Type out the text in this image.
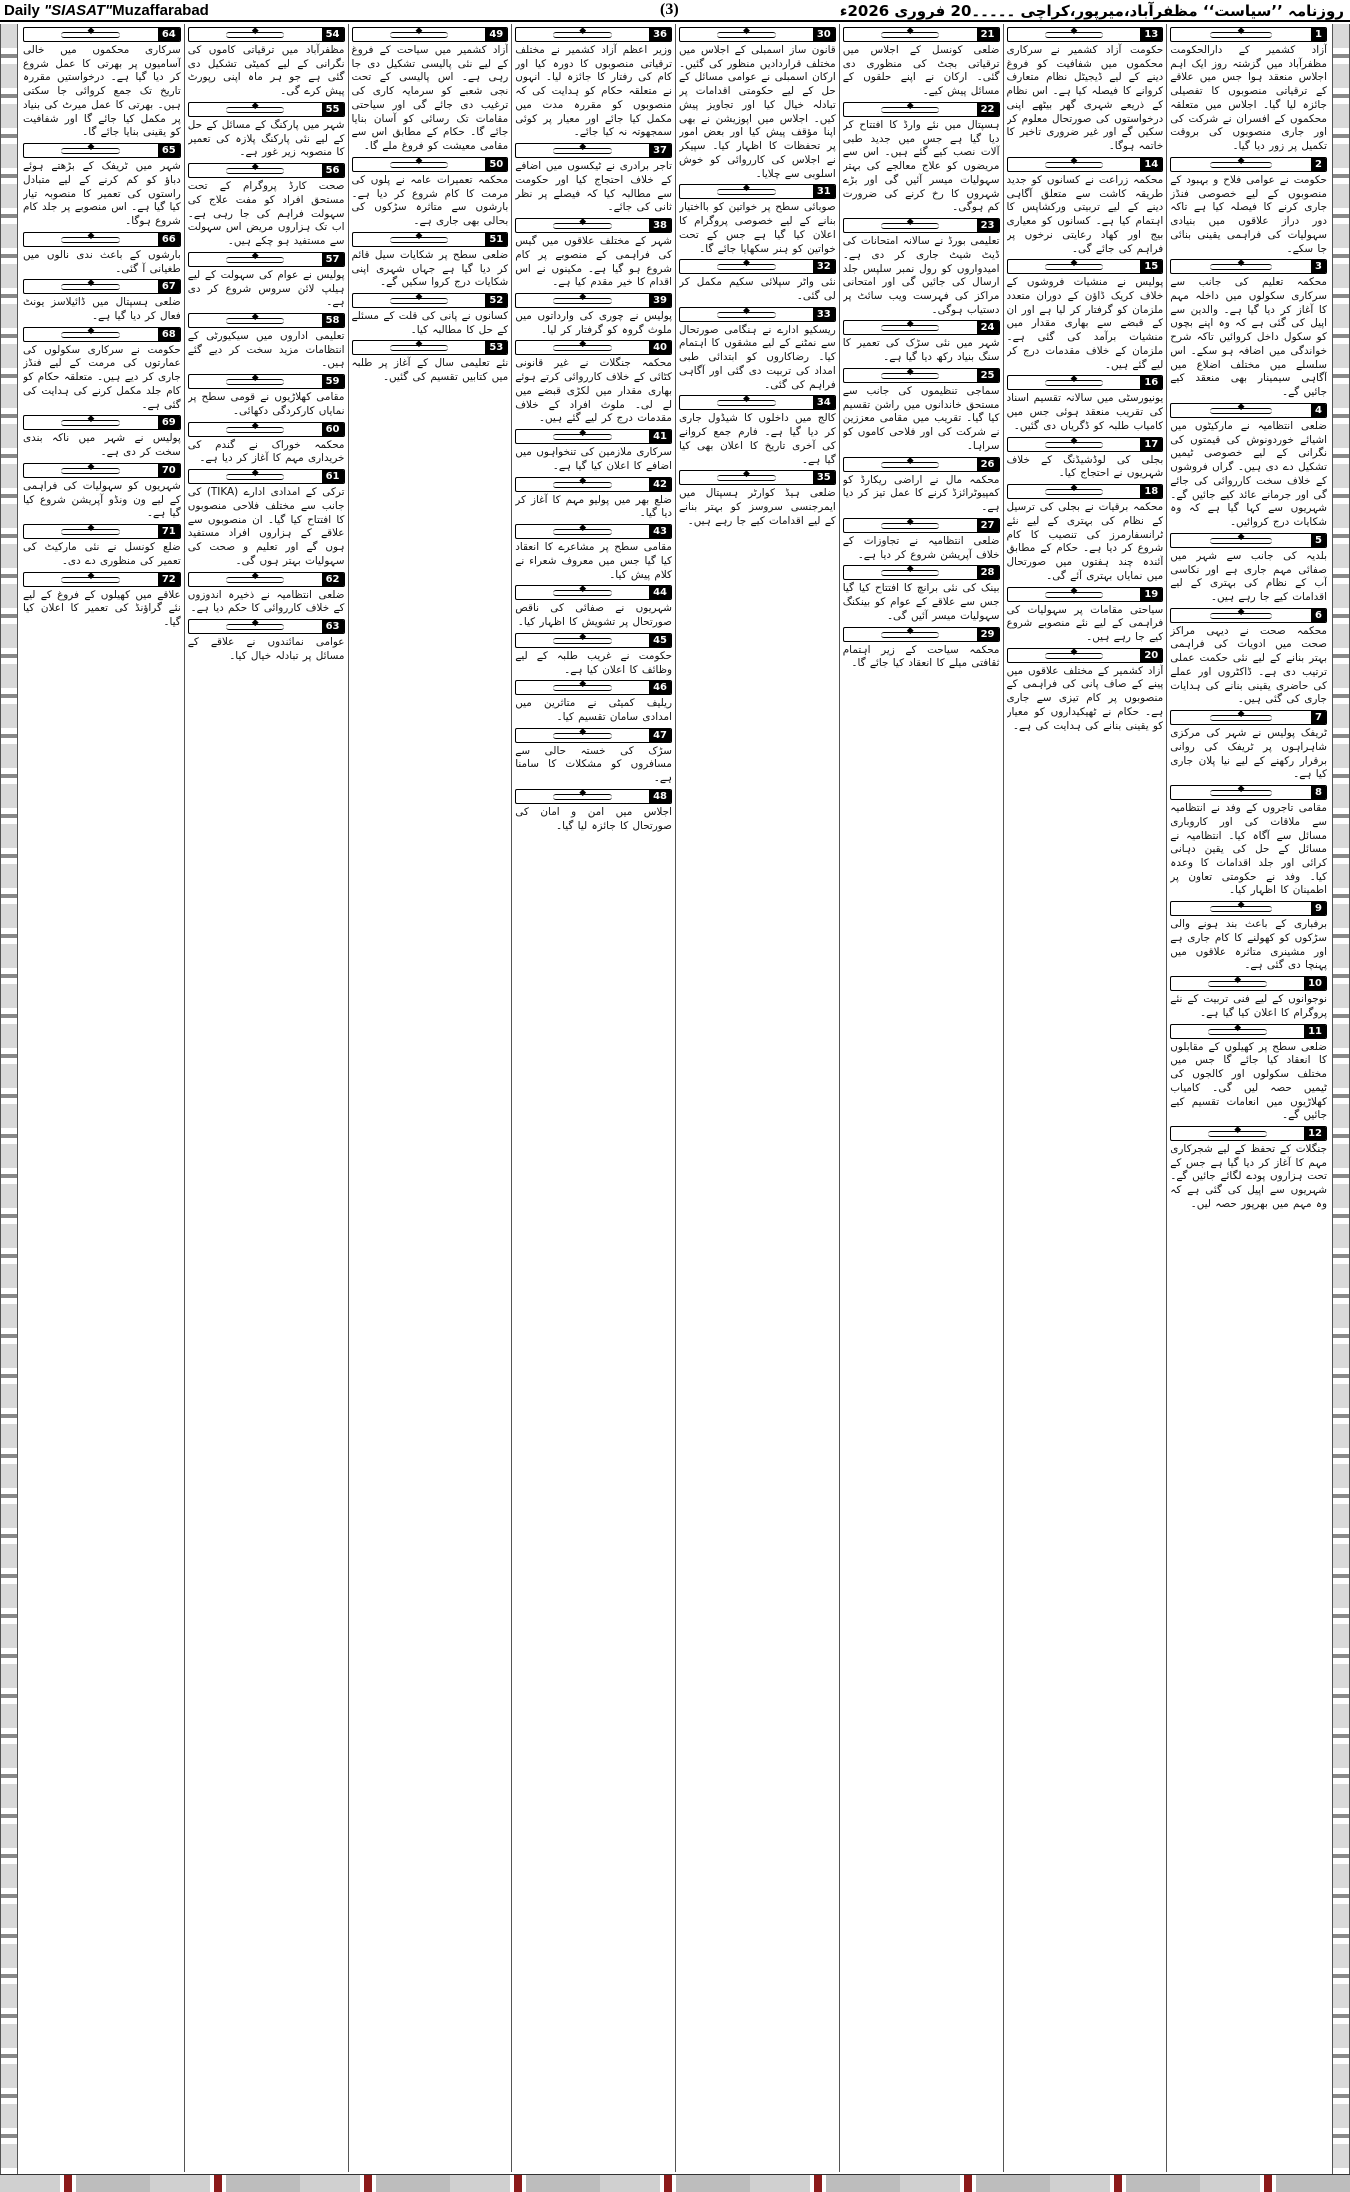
Daily "SIASAT"Muzaffarabad	(3)	روزنامہ ’’سیاست‘‘ مظفرآباد،میرپور،کراچی ۔۔۔۔۔20 فروری 2026ء
◆
1
آزاد کشمیر کے دارالحکومت مظفرآباد میں گزشتہ روز ایک اہم اجلاس منعقد ہوا جس میں علاقے کے ترقیاتی منصوبوں کا تفصیلی جائزہ لیا گیا۔ اجلاس میں متعلقہ محکموں کے افسران نے شرکت کی اور جاری منصوبوں کی بروقت تکمیل پر زور دیا گیا۔
◆
2
حکومت نے عوامی فلاح و بہبود کے منصوبوں کے لیے خصوصی فنڈز جاری کرنے کا فیصلہ کیا ہے تاکہ دور دراز علاقوں میں بنیادی سہولیات کی فراہمی یقینی بنائی جا سکے۔
◆
3
محکمہ تعلیم کی جانب سے سرکاری سکولوں میں داخلہ مہم کا آغاز کر دیا گیا ہے۔ والدین سے اپیل کی گئی ہے کہ وہ اپنے بچوں کو سکول داخل کروائیں تاکہ شرح خواندگی میں اضافہ ہو سکے۔ اس سلسلے میں مختلف اضلاع میں آگاہی سیمینار بھی منعقد کیے جائیں گے۔
◆
4
ضلعی انتظامیہ نے مارکیٹوں میں اشیائے خوردونوش کی قیمتوں کی نگرانی کے لیے خصوصی ٹیمیں تشکیل دے دی ہیں۔ گراں فروشوں کے خلاف سخت کارروائی کی جائے گی اور جرمانے عائد کیے جائیں گے۔ شہریوں سے کہا گیا ہے کہ وہ شکایات درج کروائیں۔
◆
5
بلدیہ کی جانب سے شہر میں صفائی مہم جاری ہے اور نکاسی آب کے نظام کی بہتری کے لیے اقدامات کیے جا رہے ہیں۔
◆
6
محکمہ صحت نے دیہی مراکز صحت میں ادویات کی فراہمی بہتر بنانے کے لیے نئی حکمت عملی ترتیب دی ہے۔ ڈاکٹروں اور عملے کی حاضری یقینی بنانے کی ہدایات جاری کی گئی ہیں۔
◆
7
ٹریفک پولیس نے شہر کی مرکزی شاہراہوں پر ٹریفک کی روانی برقرار رکھنے کے لیے نیا پلان جاری کیا ہے۔
◆
8
مقامی تاجروں کے وفد نے انتظامیہ سے ملاقات کی اور کاروباری مسائل سے آگاہ کیا۔ انتظامیہ نے مسائل کے حل کی یقین دہانی کرائی اور جلد اقدامات کا وعدہ کیا۔ وفد نے حکومتی تعاون پر اطمینان کا اظہار کیا۔
◆
9
برفباری کے باعث بند ہونے والی سڑکوں کو کھولنے کا کام جاری ہے اور مشینری متاثرہ علاقوں میں پہنچا دی گئی ہے۔
◆
10
نوجوانوں کے لیے فنی تربیت کے نئے پروگرام کا اعلان کیا گیا ہے۔
◆
11
ضلعی سطح پر کھیلوں کے مقابلوں کا انعقاد کیا جائے گا جس میں مختلف سکولوں اور کالجوں کی ٹیمیں حصہ لیں گی۔ کامیاب کھلاڑیوں میں انعامات تقسیم کیے جائیں گے۔
◆
12
جنگلات کے تحفظ کے لیے شجرکاری مہم کا آغاز کر دیا گیا ہے جس کے تحت ہزاروں پودے لگائے جائیں گے۔ شہریوں سے اپیل کی گئی ہے کہ وہ مہم میں بھرپور حصہ لیں۔
◆
13
حکومت آزاد کشمیر نے سرکاری محکموں میں شفافیت کو فروغ دینے کے لیے ڈیجیٹل نظام متعارف کروانے کا فیصلہ کیا ہے۔ اس نظام کے ذریعے شہری گھر بیٹھے اپنی درخواستوں کی صورتحال معلوم کر سکیں گے اور غیر ضروری تاخیر کا خاتمہ ہوگا۔
◆
14
محکمہ زراعت نے کسانوں کو جدید طریقہ کاشت سے متعلق آگاہی دینے کے لیے تربیتی ورکشاپس کا اہتمام کیا ہے۔ کسانوں کو معیاری بیج اور کھاد رعایتی نرخوں پر فراہم کی جائے گی۔
◆
15
پولیس نے منشیات فروشوں کے خلاف کریک ڈاؤن کے دوران متعدد ملزمان کو گرفتار کر لیا ہے اور ان کے قبضے سے بھاری مقدار میں منشیات برآمد کی گئی ہے۔ ملزمان کے خلاف مقدمات درج کر لیے گئے ہیں۔
◆
16
یونیورسٹی میں سالانہ تقسیم اسناد کی تقریب منعقد ہوئی جس میں کامیاب طلبہ کو ڈگریاں دی گئیں۔
◆
17
بجلی کی لوڈشیڈنگ کے خلاف شہریوں نے احتجاج کیا۔
◆
18
محکمہ برقیات نے بجلی کی ترسیل کے نظام کی بہتری کے لیے نئے ٹرانسفارمرز کی تنصیب کا کام شروع کر دیا ہے۔ حکام کے مطابق آئندہ چند ہفتوں میں صورتحال میں نمایاں بہتری آئے گی۔
◆
19
سیاحتی مقامات پر سہولیات کی فراہمی کے لیے نئے منصوبے شروع کیے جا رہے ہیں۔
◆
20
آزاد کشمیر کے مختلف علاقوں میں پینے کے صاف پانی کی فراہمی کے منصوبوں پر کام تیزی سے جاری ہے۔ حکام نے ٹھیکیداروں کو معیار کو یقینی بنانے کی ہدایت کی ہے۔
◆
21
ضلعی کونسل کے اجلاس میں ترقیاتی بجٹ کی منظوری دی گئی۔ ارکان نے اپنے حلقوں کے مسائل پیش کیے۔
◆
22
ہسپتال میں نئے وارڈ کا افتتاح کر دیا گیا ہے جس میں جدید طبی آلات نصب کیے گئے ہیں۔ اس سے مریضوں کو علاج معالجے کی بہتر سہولیات میسر آئیں گی اور بڑے شہروں کا رخ کرنے کی ضرورت کم ہوگی۔
◆
23
تعلیمی بورڈ نے سالانہ امتحانات کی ڈیٹ شیٹ جاری کر دی ہے۔ امیدواروں کو رول نمبر سلپس جلد ارسال کی جائیں گی اور امتحانی مراکز کی فہرست ویب سائٹ پر دستیاب ہوگی۔
◆
24
شہر میں نئی سڑک کی تعمیر کا سنگ بنیاد رکھ دیا گیا ہے۔
◆
25
سماجی تنظیموں کی جانب سے مستحق خاندانوں میں راشن تقسیم کیا گیا۔ تقریب میں مقامی معززین نے شرکت کی اور فلاحی کاموں کو سراہا۔
◆
26
محکمہ مال نے اراضی ریکارڈ کو کمپیوٹرائزڈ کرنے کا عمل تیز کر دیا ہے۔
◆
27
ضلعی انتظامیہ نے تجاوزات کے خلاف آپریشن شروع کر دیا ہے۔
◆
28
بینک کی نئی برانچ کا افتتاح کیا گیا جس سے علاقے کے عوام کو بینکنگ سہولیات میسر آئیں گی۔
◆
29
محکمہ سیاحت کے زیر اہتمام ثقافتی میلے کا انعقاد کیا جائے گا۔
◆
30
قانون ساز اسمبلی کے اجلاس میں مختلف قراردادیں منظور کی گئیں۔ ارکان اسمبلی نے عوامی مسائل کے حل کے لیے حکومتی اقدامات پر تبادلہ خیال کیا اور تجاویز پیش کیں۔ اجلاس میں اپوزیشن نے بھی اپنا مؤقف پیش کیا اور بعض امور پر تحفظات کا اظہار کیا۔ سپیکر نے اجلاس کی کارروائی کو خوش اسلوبی سے چلایا۔
◆
31
صوبائی سطح پر خواتین کو بااختیار بنانے کے لیے خصوصی پروگرام کا اعلان کیا گیا ہے جس کے تحت خواتین کو ہنر سکھایا جائے گا۔
◆
32
نئی واٹر سپلائی سکیم مکمل کر لی گئی۔
◆
33
ریسکیو ادارے نے ہنگامی صورتحال سے نمٹنے کے لیے مشقوں کا اہتمام کیا۔ رضاکاروں کو ابتدائی طبی امداد کی تربیت دی گئی اور آگاہی فراہم کی گئی۔
◆
34
کالج میں داخلوں کا شیڈول جاری کر دیا گیا ہے۔ فارم جمع کروانے کی آخری تاریخ کا اعلان بھی کیا گیا ہے۔
◆
35
ضلعی ہیڈ کوارٹر ہسپتال میں ایمرجنسی سروسز کو بہتر بنانے کے لیے اقدامات کیے جا رہے ہیں۔
◆
36
وزیر اعظم آزاد کشمیر نے مختلف ترقیاتی منصوبوں کا دورہ کیا اور کام کی رفتار کا جائزہ لیا۔ انہوں نے متعلقہ حکام کو ہدایت کی کہ منصوبوں کو مقررہ مدت میں مکمل کیا جائے اور معیار پر کوئی سمجھوتہ نہ کیا جائے۔
◆
37
تاجر برادری نے ٹیکسوں میں اضافے کے خلاف احتجاج کیا اور حکومت سے مطالبہ کیا کہ فیصلے پر نظر ثانی کی جائے۔
◆
38
شہر کے مختلف علاقوں میں گیس کی فراہمی کے منصوبے پر کام شروع ہو گیا ہے۔ مکینوں نے اس اقدام کا خیر مقدم کیا ہے۔
◆
39
پولیس نے چوری کی وارداتوں میں ملوث گروہ کو گرفتار کر لیا۔
◆
40
محکمہ جنگلات نے غیر قانونی کٹائی کے خلاف کارروائی کرتے ہوئے بھاری مقدار میں لکڑی قبضے میں لے لی۔ ملوث افراد کے خلاف مقدمات درج کر لیے گئے ہیں۔
◆
41
سرکاری ملازمین کی تنخواہوں میں اضافے کا اعلان کیا گیا ہے۔
◆
42
ضلع بھر میں پولیو مہم کا آغاز کر دیا گیا۔
◆
43
مقامی سطح پر مشاعرے کا انعقاد کیا گیا جس میں معروف شعراء نے کلام پیش کیا۔
◆
44
شہریوں نے صفائی کی ناقص صورتحال پر تشویش کا اظہار کیا۔
◆
45
حکومت نے غریب طلبہ کے لیے وظائف کا اعلان کیا ہے۔
◆
46
ریلیف کمیٹی نے متاثرین میں امدادی سامان تقسیم کیا۔
◆
47
سڑک کی خستہ حالی سے مسافروں کو مشکلات کا سامنا ہے۔
◆
48
اجلاس میں امن و امان کی صورتحال کا جائزہ لیا گیا۔
◆
49
آزاد کشمیر میں سیاحت کے فروغ کے لیے نئی پالیسی تشکیل دی جا رہی ہے۔ اس پالیسی کے تحت نجی شعبے کو سرمایہ کاری کی ترغیب دی جائے گی اور سیاحتی مقامات تک رسائی کو آسان بنایا جائے گا۔ حکام کے مطابق اس سے مقامی معیشت کو فروغ ملے گا۔
◆
50
محکمہ تعمیرات عامہ نے پلوں کی مرمت کا کام شروع کر دیا ہے۔ بارشوں سے متاثرہ سڑکوں کی بحالی بھی جاری ہے۔
◆
51
ضلعی سطح پر شکایات سیل قائم کر دیا گیا ہے جہاں شہری اپنی شکایات درج کروا سکیں گے۔
◆
52
کسانوں نے پانی کی قلت کے مسئلے کے حل کا مطالبہ کیا۔
◆
53
نئے تعلیمی سال کے آغاز پر طلبہ میں کتابیں تقسیم کی گئیں۔
◆
54
مظفرآباد میں ترقیاتی کاموں کی نگرانی کے لیے کمیٹی تشکیل دی گئی ہے جو ہر ماہ اپنی رپورٹ پیش کرے گی۔
◆
55
شہر میں پارکنگ کے مسائل کے حل کے لیے نئی پارکنگ پلازہ کی تعمیر کا منصوبہ زیر غور ہے۔
◆
56
صحت کارڈ پروگرام کے تحت مستحق افراد کو مفت علاج کی سہولت فراہم کی جا رہی ہے۔ اب تک ہزاروں مریض اس سہولت سے مستفید ہو چکے ہیں۔
◆
57
پولیس نے عوام کی سہولت کے لیے ہیلپ لائن سروس شروع کر دی ہے۔
◆
58
تعلیمی اداروں میں سیکیورٹی کے انتظامات مزید سخت کر دیے گئے ہیں۔
◆
59
مقامی کھلاڑیوں نے قومی سطح پر نمایاں کارکردگی دکھائی۔
◆
60
محکمہ خوراک نے گندم کی خریداری مہم کا آغاز کر دیا ہے۔
◆
61
ترکی کے امدادی ادارے (TIKA) کی جانب سے مختلف فلاحی منصوبوں کا افتتاح کیا گیا۔ ان منصوبوں سے علاقے کے ہزاروں افراد مستفید ہوں گے اور تعلیم و صحت کی سہولیات بہتر ہوں گی۔
◆
62
ضلعی انتظامیہ نے ذخیرہ اندوزوں کے خلاف کارروائی کا حکم دیا ہے۔
◆
63
عوامی نمائندوں نے علاقے کے مسائل پر تبادلہ خیال کیا۔
◆
64
سرکاری محکموں میں خالی آسامیوں پر بھرتی کا عمل شروع کر دیا گیا ہے۔ درخواستیں مقررہ تاریخ تک جمع کروائی جا سکتی ہیں۔ بھرتی کا عمل میرٹ کی بنیاد پر مکمل کیا جائے گا اور شفافیت کو یقینی بنایا جائے گا۔
◆
65
شہر میں ٹریفک کے بڑھتے ہوئے دباؤ کو کم کرنے کے لیے متبادل راستوں کی تعمیر کا منصوبہ تیار کیا گیا ہے۔ اس منصوبے پر جلد کام شروع ہوگا۔
◆
66
بارشوں کے باعث ندی نالوں میں طغیانی آ گئی۔
◆
67
ضلعی ہسپتال میں ڈائیلاسز یونٹ فعال کر دیا گیا ہے۔
◆
68
حکومت نے سرکاری سکولوں کی عمارتوں کی مرمت کے لیے فنڈز جاری کر دیے ہیں۔ متعلقہ حکام کو کام جلد مکمل کرنے کی ہدایت کی گئی ہے۔
◆
69
پولیس نے شہر میں ناکہ بندی سخت کر دی ہے۔
◆
70
شہریوں کو سہولیات کی فراہمی کے لیے ون ونڈو آپریشن شروع کیا گیا ہے۔
◆
71
ضلع کونسل نے نئی مارکیٹ کی تعمیر کی منظوری دے دی۔
◆
72
علاقے میں کھیلوں کے فروغ کے لیے نئے گراؤنڈ کی تعمیر کا اعلان کیا گیا۔
